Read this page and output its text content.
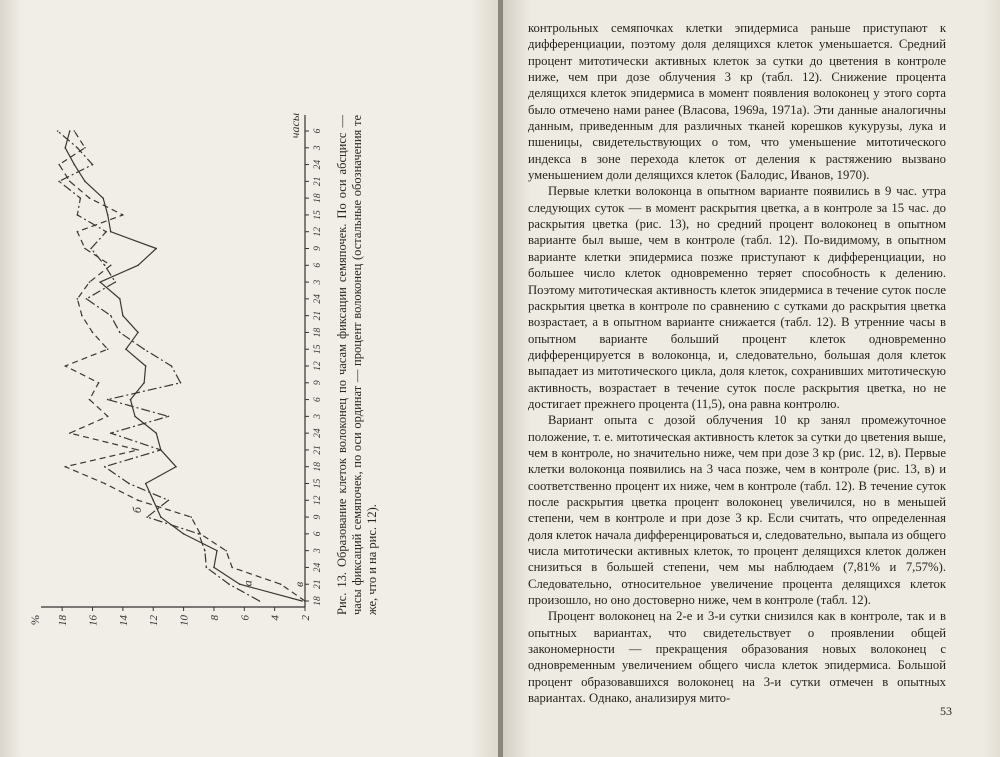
2
4
6
8
10
12
14
16
18
%
18
21
24
3
6
9
12
15
18
21
24
3
6
9
12
15
18
21
24
3
6
9
12
15
18
21
24
3
6
часы
а
б
в Рис. 13. Образование клеток волоконец по часам фиксации семяпочек. По оси абсцисс — часы фиксаций семяпочек, по оси ординат — процент волоконец (остальные обозначения те же, что и на рис. 12).

контрольных семяпочках клетки эпидермиса раньше приступают к дифференциации, поэтому доля делящихся клеток уменьшается. Средний процент митотически активных клеток за сутки до цветения в контроле ниже, чем при дозе облучения 3 кр (табл. 12). Снижение процента делящихся клеток эпидермиса в момент появления волоконец у этого сорта было отмечено нами ранее (Власова, 1969а, 1971а). Эти данные аналогичны данным, приведенным для различных тканей корешков кукурузы, лука и пшеницы, свидетельствующих о том, что уменьшение митотического индекса в зоне перехода клеток от деления к растяжению вызвано уменьшением доли делящихся клеток (Балодис, Иванов, 1970).

Первые клетки волоконца в опытном варианте появились в 9 час. утра следующих суток — в момент раскрытия цветка, а в контроле за 15 час. до раскрытия цветка (рис. 13), но средний процент волоконец в опытном варианте был выше, чем в контроле (табл. 12). По-видимому, в опытном варианте клетки эпидермиса позже приступают к дифференциации, но большее число клеток одновременно теряет способность к делению. Поэтому митотическая активность клеток эпидермиса в течение суток после раскрытия цветка в контроле по сравнению с сутками до раскрытия цветка возрастает, а в опытном варианте снижается (табл. 12). В утренние часы в опытном варианте больший процент клеток одновременно дифференцируется в волоконца, и, следовательно, большая доля клеток выпадает из митотического цикла, доля клеток, сохранивших митотическую активность, возрастает в течение суток после раскрытия цветка, но не достигает прежнего процента (11,5), она равна контролю.

Вариант опыта с дозой облучения 10 кр занял промежуточное положение, т. е. митотическая активность клеток за сутки до цветения выше, чем в контроле, но значительно ниже, чем при дозе 3 кр (рис. 12, в). Первые клетки волоконца появились на 3 часа позже, чем в контроле (рис. 13, в) и соответственно процент их ниже, чем в контроле (табл. 12). В течение суток после раскрытия цветка процент волоконец увеличился, но в меньшей степени, чем в контроле и при дозе 3 кр. Если считать, что определенная доля клеток начала дифференцироваться и, следовательно, выпала из общего числа митотически активных клеток, то процент делящихся клеток должен снизиться в большей степени, чем мы наблюдаем (7,81% и 7,57%). Следовательно, относительное увеличение процента делящихся клеток произошло, но оно достоверно ниже, чем в контроле (табл. 12).

Процент волоконец на 2-е и 3-и сутки снизился как в контроле, так и в опытных вариантах, что свидетельствует о проявлении общей закономерности — прекращения образования новых волоконец с одновременным увеличением общего числа клеток эпидермиса. Большой процент образовавшихся волоконец на 3-и сутки отмечен в опытных вариантах. Однако, анализируя мито-

53
